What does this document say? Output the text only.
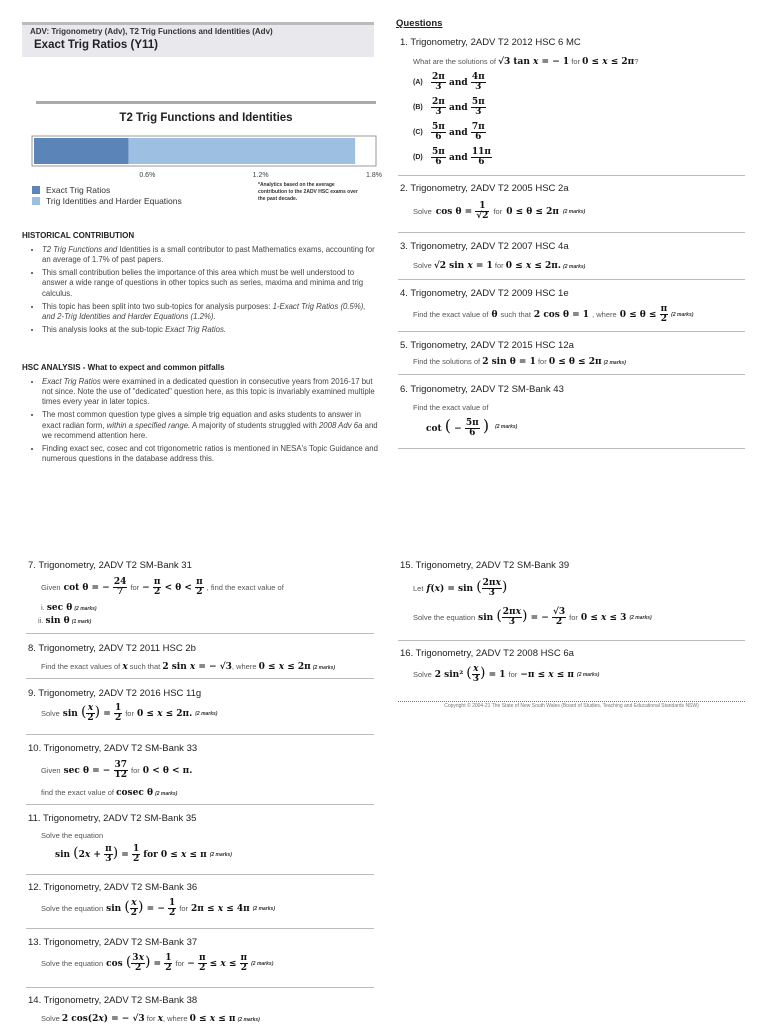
ADV: Trigonometry (Adv), T2 Trig Functions and Identities (Adv)
Exact Trig Ratios (Y11)
T2 Trig Functions and Identities
0.6%	1.2%	1.8%
Exact Trig Ratios
Trig Identities and Harder Equations
*Analytics based on the average contribution to the 2ADV HSC exams over the past decade.
HISTORICAL CONTRIBUTION
• T2 Trig Functions and Identities is a small contributor to past Mathematics exams, accounting for an average of 1.7% of past papers.
• This small contribution belies the importance of this area which must be well understood to answer a wide range of questions in other topics such as series, maxima and minima and trig calculus.
• This topic has been split into two sub-topics for analysis purposes: 1-Exact Trig Ratios (0.5%), and 2-Trig Identities and Harder Equations (1.2%).
• This analysis looks at the sub-topic Exact Trig Ratios.
HSC ANALYSIS - What to expect and common pitfalls
• Exact Trig Ratios were examined in a dedicated question in consecutive years from 2016-17 but not since. Note the use of "dedicated" question here, as this topic is invariably examined multiple times every year in later topics.
• The most common question type gives a simple trig equation and asks students to answer in exact radian form, within a specified range. A majority of students struggled with 2008 Adv 6a and we recommend attention here.
• Finding exact sec, cosec and cot trigonometric ratios is mentioned in NESA's Topic Guidance and numerous questions in the database address this.
Questions
1. Trigonometry, 2ADV T2 2012 HSC 6 MC
What are the solutions of √3 tan x = − 1 for 0 ≤ x ≤ 2π?
$(A) \frac{2\pi}{3}$ and $\frac{4\pi}{3}$
$(B) \frac{2\pi}{3}$ and $\frac{5\pi}{3}$
$(C) \frac{5\pi}{6}$ and $\frac{7\pi}{6}$
$(D) \frac{5\pi}{6}$ and $\frac{11\pi}{6}$
2. Trigonometry, 2ADV T2 2005 HSC 2a
Solve $\cos \theta = \frac{1}{√2}$ for 0 ≤ θ ≤ 2π (2 marks)
3. Trigonometry, 2ADV T2 2007 HSC 4a
Solve √2 sin x = 1 for 0 ≤ x ≤ 2π. (2 marks)
4. Trigonometry, 2ADV T2 2009 HSC 1e
Find the exact value of θ such that 2 cos θ = 1 , where $0 \le \theta \le \frac{\pi}{2} (2$ marks)
5. Trigonometry, 2ADV T2 2015 HSC 12a
Find the solutions of 2 sin θ = 1 for 0 ≤ θ ≤ 2π (2 marks)
6. Trigonometry, 2ADV T2 SM-Bank 43
Find the exact value of
cot ( − $\frac{5\pi}{6}$ ) (2 marks)
7. Trigonometry, 2ADV T2 SM-Bank 31
Given cot θ = − $\frac{24}{7}$ for − $\frac{\pi}{2} < \theta < \frac{\pi}{2}$ , find the exact value of
i. sec θ (2 marks)
ii. sin θ (1 mark)
8. Trigonometry, 2ADV T2 2011 HSC 2b
Find the exact values of x such that 2 sin x = − √3, where 0 ≤ x ≤ 2π (2 marks)
9. Trigonometry, 2ADV T2 2016 HSC 11g
Solve sin ( $\frac{x}{2}$ ) = $\frac{1}{2}$ for 0 ≤ x ≤ 2π. (2 marks)
10. Trigonometry, 2ADV T2 SM-Bank 33
Given sec θ = − $\frac{37}{12}$ for 0 < θ < π.
find the exact value of cosec θ (2 marks)
11. Trigonometry, 2ADV T2 SM-Bank 35
Solve the equation
$\sin (2x + \frac{\pi}{3}$ ) = $\frac{1}{2}$ for 0 ≤ x ≤ π (2 marks)
12. Trigonometry, 2ADV T2 SM-Bank 36
Solve the equation sin ( $\frac{x}{2}$ ) = − $\frac{1}{2}$ for 2π ≤ x ≤ 4π (2 marks)
13. Trigonometry, 2ADV T2 SM-Bank 37
Solve the equation cos ( $\frac{3x}{2}$ ) = $\frac{1}{2}$ for − $\frac{\pi}{2} \le x \le \frac{\pi}{2} (2$ marks)
14. Trigonometry, 2ADV T2 SM-Bank 38
Solve 2 cos(2x) = − √3 for x, where 0 ≤ x ≤ π (2 marks)
15. Trigonometry, 2ADV T2 SM-Bank 39
Let f(x) = sin ( $\frac{2\pi x}{3}$ )
Solve the equation sin ( $\frac{2\pi x}{3}$ ) = − $\frac{√3}{2}$ for 0 ≤ x ≤ 3 (2 marks)
16. Trigonometry, 2ADV T2 2008 HSC 6a
Solve 2 sin² ( $\frac{x}{3}$ ) = 1 for −π ≤ x ≤ π (2 marks)
Copyright © 2004-21 The State of New South Wales (Board of Studies, Teaching and Educational Standards NSW)
